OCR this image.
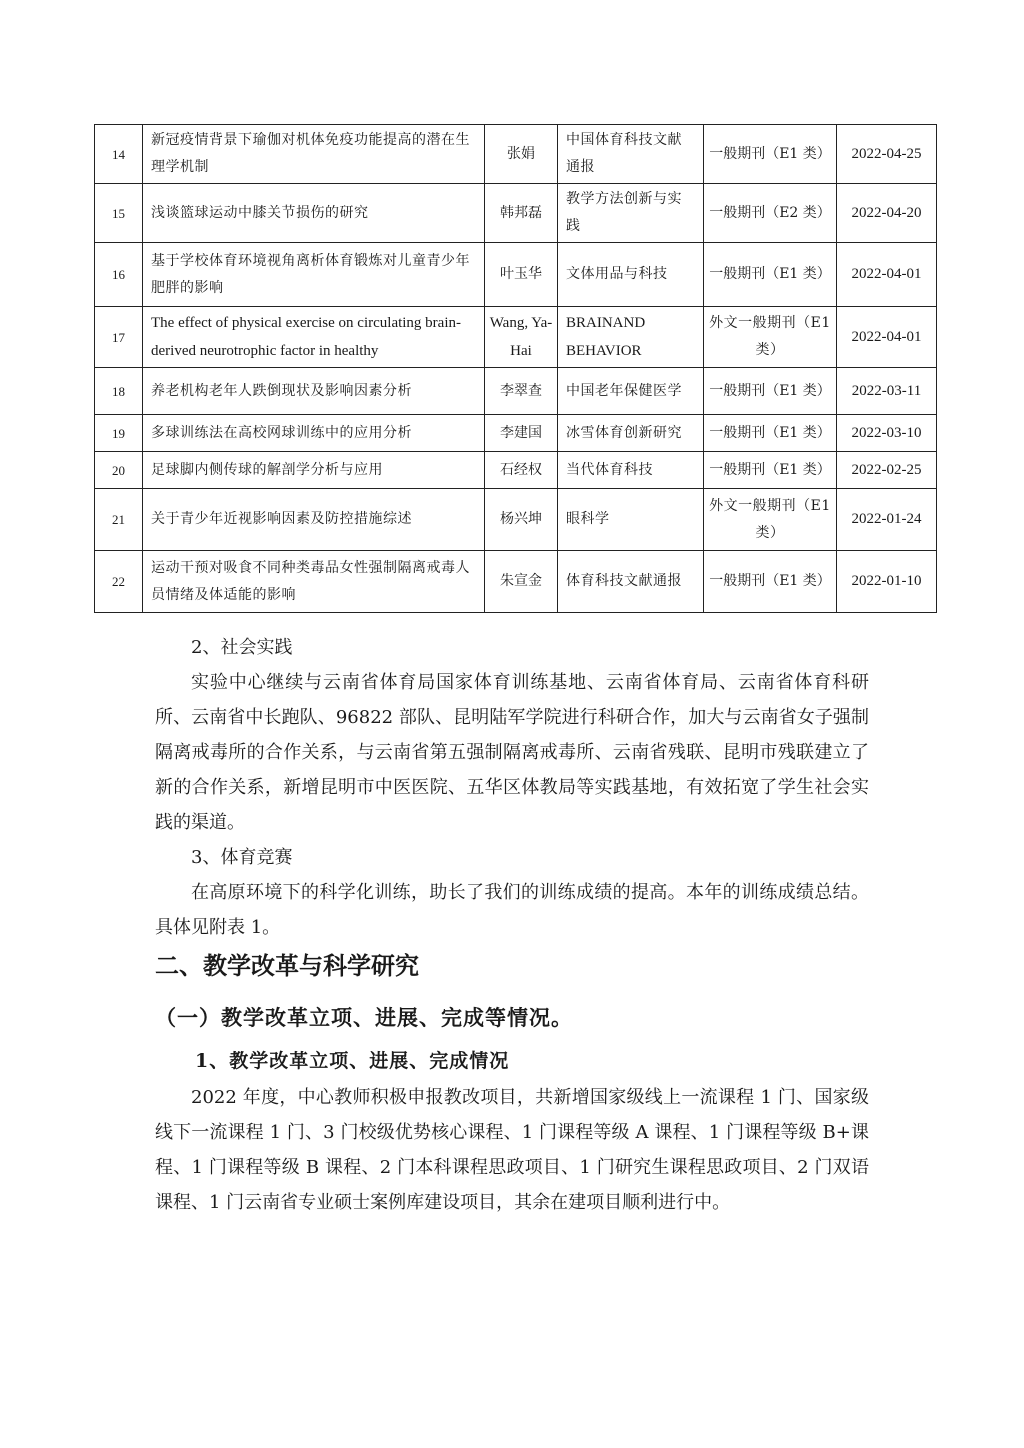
14	新冠疫情背景下瑜伽对机体免疫功能提高的潜在生理学机制	张娟	中国体育科技文献通报	一般期刊（E1 类）	2022-04-25
15	浅谈篮球运动中膝关节损伤的研究	韩邦磊	教学方法创新与实践	一般期刊（E2 类）	2022-04-20
16	基于学校体育环境视角离析体育锻炼对儿童青少年肥胖的影响	叶玉华	文体用品与科技	一般期刊（E1 类）	2022-04-01
17	The effect of physical exercise on circulating brain-derived neurotrophic factor in healthy	Wang, Ya-Hai	BRAINAND BEHAVIOR	外文一般期刊（E1 类）	2022-04-01
18	养老机构老年人跌倒现状及影响因素分析	李翠查	中国老年保健医学	一般期刊（E1 类）	2022-03-11
19	多球训练法在高校网球训练中的应用分析	李建国	冰雪体育创新研究	一般期刊（E1 类）	2022-03-10
20	足球脚内侧传球的解剖学分析与应用	石经权	当代体育科技	一般期刊（E1 类）	2022-02-25
21	关于青少年近视影响因素及防控措施综述	杨兴坤	眼科学	外文一般期刊（E1 类）	2022-01-24
22	运动干预对吸食不同种类毒品女性强制隔离戒毒人员情绪及体适能的影响	朱宣金	体育科技文献通报	一般期刊（E1 类）	2022-01-10

2、社会实践

实验中心继续与云南省体育局国家体育训练基地、云南省体育局、云南省体育科研所、云南省中长跑队、96822 部队、昆明陆军学院进行科研合作，加大与云南省女子强制隔离戒毒所的合作关系，与云南省第五强制隔离戒毒所、云南省残联、昆明市残联建立了新的合作关系，新增昆明市中医医院、五华区体教局等实践基地，有效拓宽了学生社会实践的渠道。

3、体育竞赛

在高原环境下的科学化训练，助长了我们的训练成绩的提高。本年的训练成绩总结。具体见附表 1。

二、教学改革与科学研究
（一）教学改革立项、进展、完成等情况。
1、教学改革立项、进展、完成情况

2022 年度，中心教师积极申报教改项目，共新增国家级线上一流课程 1 门、国家级线下一流课程 1 门、3 门校级优势核心课程、1 门课程等级 A 课程、1 门课程等级 B+课程、1 门课程等级 B 课程、2 门本科课程思政项目、1 门研究生课程思政项目、2 门双语课程、1 门云南省专业硕士案例库建设项目，其余在建项目顺利进行中。
